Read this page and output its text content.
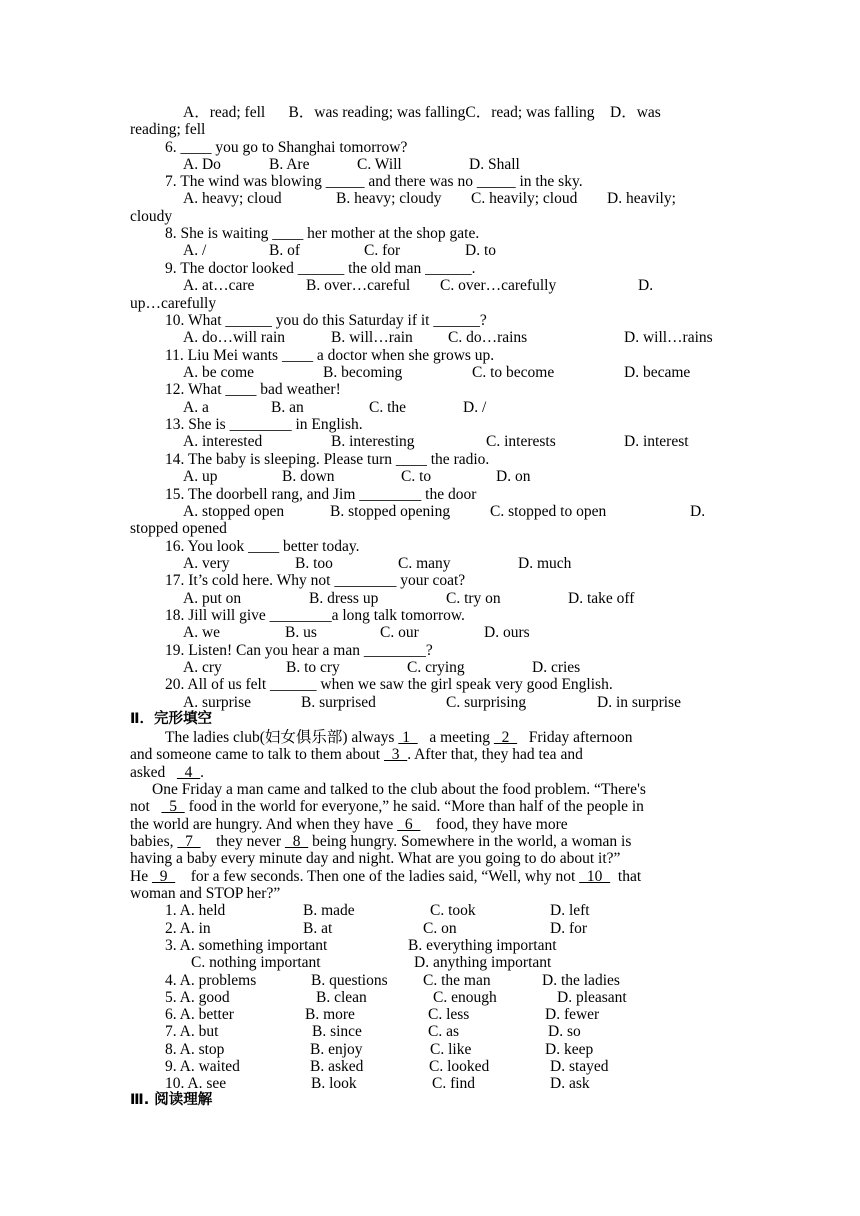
A．read; fell      B．was reading; was fallingC．read; was falling    D．was
reading; fell
6. ____ you go to Shanghai tomorrow?
A. Do	B. Are	C. Will	D. Shall
7. The wind was blowing _____ and there was no _____ in the sky.
A. heavy; cloud	B. heavy; cloudy C. heavily; cloud D. heavily;
cloudy
8. She is waiting ____ her mother at the shop gate.
A. /	B. of	C. for	D. to
9. The doctor looked ______ the old man ______.
A. at…care	B. over…careful C. over…carefully	D.
up…carefully
10. What ______ you do this Saturday if it ______?
A. do…will rain	B. will…rain C. do…rains	D. will…rains
11. Liu Mei wants ____ a doctor when she grows up.
A. be come	B. becoming	C. to become	D. became
12. What ____ bad weather!
A. a	B. an	C. the	D. /
13. She is ________ in English.
A. interested	B. interesting	C. interests	D. interest
14. The baby is sleeping. Please turn ____ the radio.
A. up	B. down	C. to	D. on
15. The doorbell rang, and Jim ________ the door
A. stopped open	B. stopped opening	C. stopped to open	D.
stopped opened
16. You look ____ better today.
A. very	B. too	C. many	D. much
17. It’s cold here. Why not ________ your coat?
A. put on	B. dress up	C. try on	D. take off
18. Jill will give ________a long talk tomorrow.
A. we	B. us	C. our	D. ours
19. Listen! Can you hear a man ________?
A. cry	B. to cry	C. crying	D. cries
20. All of us felt ______ when we saw the girl speak very good English.
A. surprise	B. surprised	C. surprising	D. in surprise
Ⅱ．完形填空
The ladies club(妇女俱乐部) always  1     a meeting   2     Friday afternoon
and someone came to talk to them about   3  . After that, they had tea and
asked     4  .
One Friday a man came and talked to the club about the food problem. “There's
not     5   food in the world for everyone,” he said. “More than half of the people in
the world are hungry. And when they have   6      food, they have more
babies,   7      they never   8   being hungry. Somewhere in the world, a woman is
having a baby every minute day and night. What are you going to do about it?”
He   9      for a few seconds. Then one of the ladies said, “Well, why not   10    that
woman and STOP her?”
1. A. held	B. made	C. took	D. left
2. A. in	B. at	C. on	D. for
3. A. something important	B. everything important
C. nothing important	D. anything important
4. A. problems	B. questions C. the man	D. the ladies
5. A. good	B. clean	C. enough	D. pleasant
6. A. better	B. more	C. less	D. fewer
7. A. but	B. since	C. as	D. so
8. A. stop	B. enjoy	C. like	D. keep
9. A. waited	B. asked	C. looked	D. stayed
10. A. see	B. look	C. find	D. ask
Ⅲ. 阅读理解
